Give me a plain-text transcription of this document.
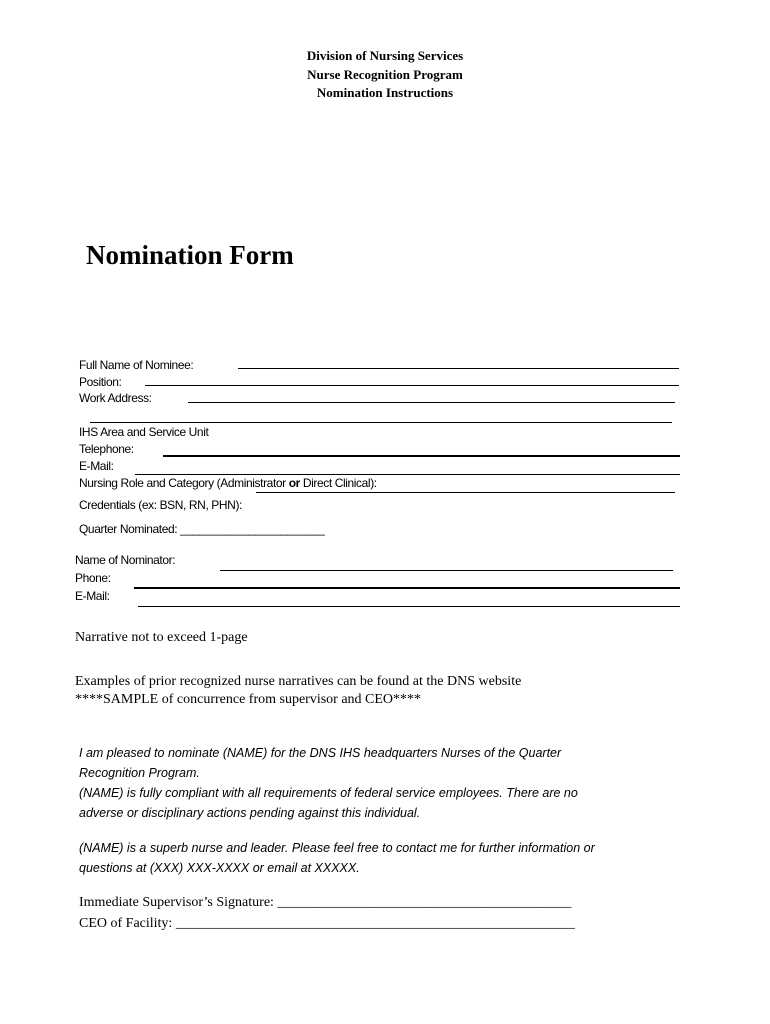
Division of Nursing Services
Nurse Recognition Program
Nomination Instructions
Nomination Form
Full Name of Nominee:
Position:
Work Address:
IHS Area and Service Unit
Telephone:
E-Mail:
Nursing Role and Category (Administrator or Direct Clinical):
Credentials (ex: BSN, RN, PHN):
Quarter Nominated: _______________________
Name of Nominator:
Phone:
E-Mail:
Narrative not to exceed 1-page
Examples of prior recognized nurse narratives can be found at the DNS website
****SAMPLE of concurrence from supervisor and CEO****
I am pleased to nominate (NAME) for the DNS IHS headquarters Nurses of the Quarter
Recognition Program.
(NAME) is fully compliant with all requirements of federal service employees. There are no
adverse or disciplinary actions pending against this individual.
(NAME) is a superb nurse and leader. Please feel free to contact me for further information or
questions at (XXX) XXX-XXXX or email at XXXXX.
Immediate Supervisor’s Signature: __________________________________________
CEO of Facility: _________________________________________________________
